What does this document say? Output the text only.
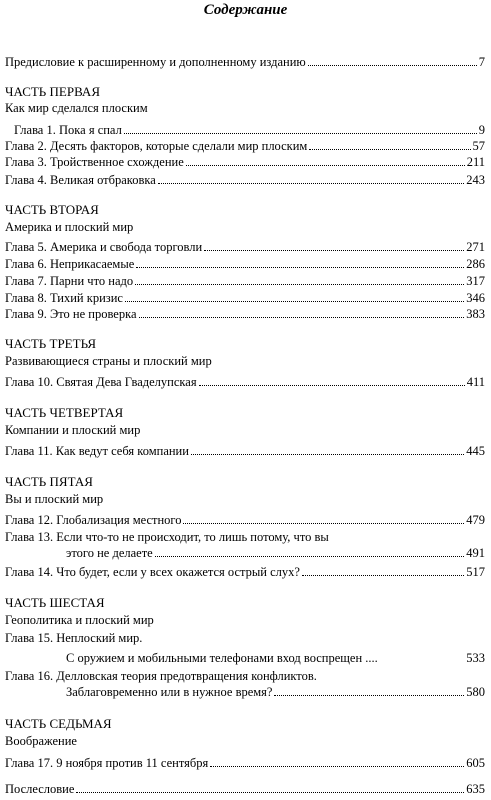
Содержание
Предисловие к расширенному и дополненному изданию	7
ЧАСТЬ ПЕРВАЯ
Как мир сделался плоским
Глава 1. Пока я спал	9
Глава 2. Десять факторов, которые сделали мир плоским	57
Глава 3. Тройственное схождение	211
Глава 4. Великая отбраковка	243
ЧАСТЬ ВТОРАЯ
Америка и плоский мир
Глава 5. Америка и свобода торговли	271
Глава 6. Неприкасаемые	286
Глава 7. Парни что надо	317
Глава 8. Тихий кризис	346
Глава 9. Это не проверка	383
ЧАСТЬ ТРЕТЬЯ
Развивающиеся страны и плоский мир
Глава 10. Святая Дева Гваделупская	411
ЧАСТЬ ЧЕТВЕРТАЯ
Компании и плоский мир
Глава 11. Как ведут себя компании	445
ЧАСТЬ ПЯТАЯ
Вы и плоский мир
Глава 12. Глобализация местного	479
Глава 13. Если что-то не происходит, то лишь потому, что вы
этого не делаете	491
Глава 14. Что будет, если у всех окажется острый слух?	517
ЧАСТЬ ШЕСТАЯ
Геополитика и плоский мир
Глава 15. Неплоский мир.
С оружием и мобильными телефонами вход воспрещен ....	533
Глава 16. Делловская теория предотвращения конфликтов.
Заблаговременно или в нужное время?	580
ЧАСТЬ СЕДЬМАЯ
Воображение
Глава 17. 9 ноября против 11 сентября	605
Послесловие	635
